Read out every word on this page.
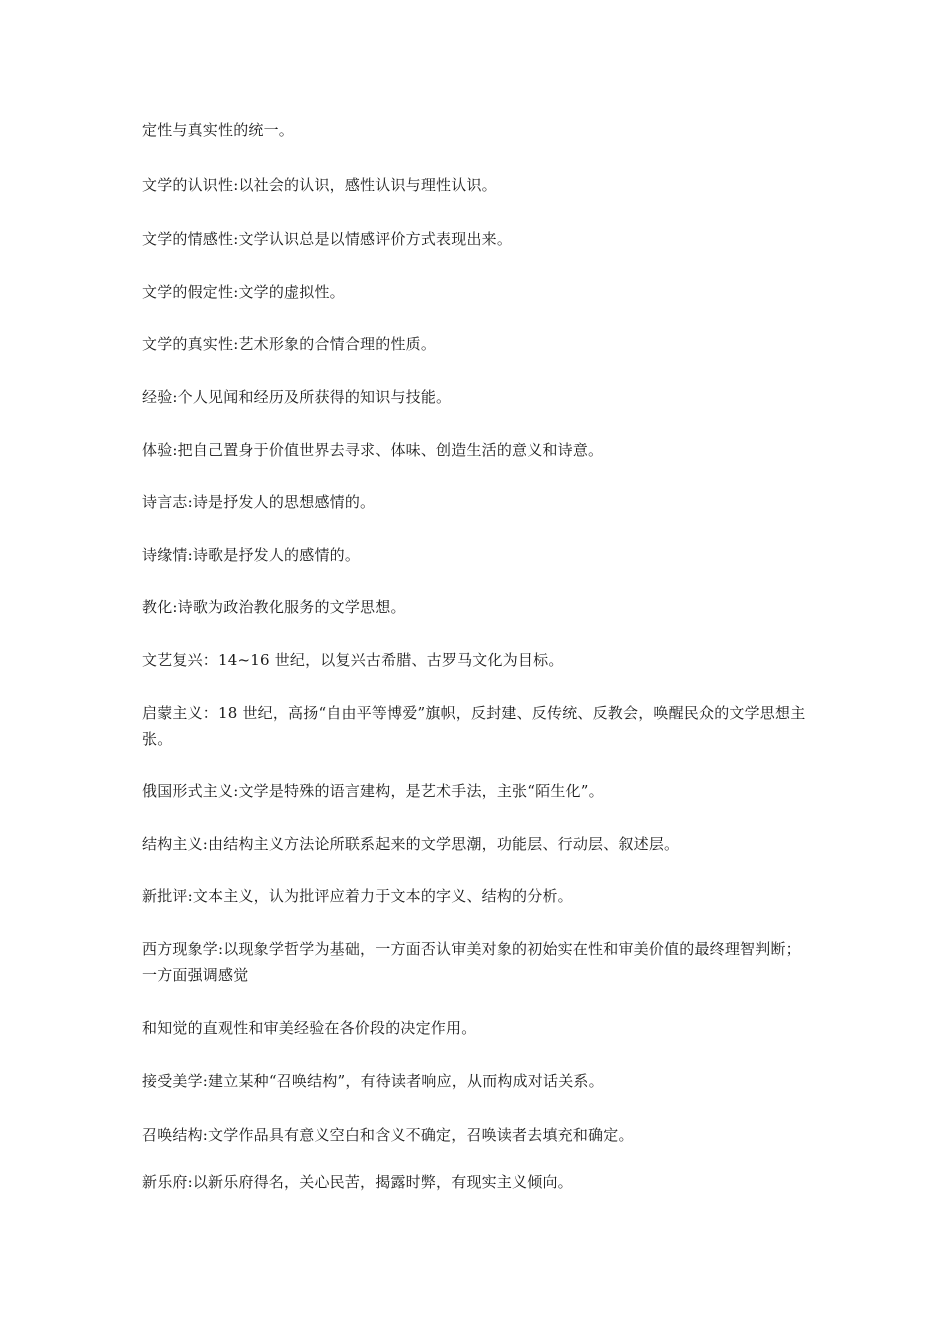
定性与真实性的统一。

文学的认识性:以社会的认识，感性认识与理性认识。

文学的情感性:文学认识总是以情感评价方式表现出来。

文学的假定性:文学的虚拟性。

文学的真实性:艺术形象的合情合理的性质。

经验:个人见闻和经历及所获得的知识与技能。

体验:把自己置身于价值世界去寻求、体味、创造生活的意义和诗意。

诗言志:诗是抒发人的思想感情的。

诗缘情:诗歌是抒发人的感情的。

教化:诗歌为政治教化服务的文学思想。

文艺复兴：14~16 世纪，以复兴古希腊、古罗马文化为目标。

启蒙主义：18 世纪，高扬“自由平等博爱”旗帜，反封建、反传统、反教会，唤醒民众的文学思想主张。

俄国形式主义:文学是特殊的语言建构，是艺术手法，主张“陌生化”。

结构主义:由结构主义方法论所联系起来的文学思潮，功能层、行动层、叙述层。

新批评:文本主义，认为批评应着力于文本的字义、结构的分析。

西方现象学:以现象学哲学为基础，一方面否认审美对象的初始实在性和审美价值的最终理智判断；一方面强调感觉

和知觉的直观性和审美经验在各价段的决定作用。

接受美学:建立某种“召唤结构”，有待读者响应，从而构成对话关系。

召唤结构:文学作品具有意义空白和含义不确定，召唤读者去填充和确定。

新乐府:以新乐府得名，关心民苦，揭露时弊，有现实主义倾向。
